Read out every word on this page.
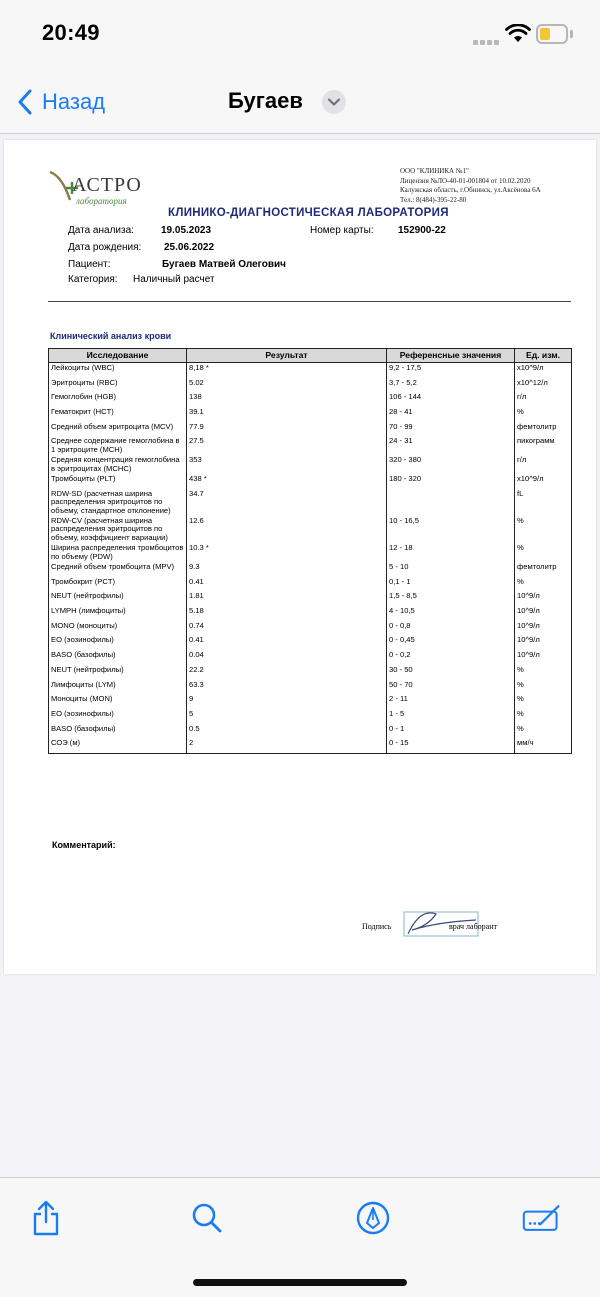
20:49
Назад	Бугаев
АСТРО
лаборатория
ООО "КЛИНИКА №1"
Лицензия №ЛО-40-01-001804 от 10.02.2020
Калужская область, г.Обнинск, ул.Аксёнова 6А
Тел.: 8(484)-395-22-80
КЛИНИКО-ДИАГНОСТИЧЕСКАЯ ЛАБОРАТОРИЯ
Дата анализа:	19.05.2023	Номер карты: 152900-22
Дата рождения: 25.06.2022
Пациент:	Бугаев Матвей Олегович
Категория: Наличный расчет
Клинический анализ крови
Исследование	Результат	Референсные значения	Ед. изм.
Лейкоциты (WBC)	8,18 *	9,2 - 17,5	x10^9/л
Эритроциты (RBC)	5.02	3,7 - 5,2	x10^12/л
Гемоглобин (HGB)	138	106 - 144	г/л
Гематокрит (HCT)	39.1	28 - 41	%
Средний объем эритроцита (MCV)	77.9	70 - 99	фемтолитр
Среднее содержание гемоглобина в 1 эритроците (MCH)	27.5	24 - 31	пикограмм
Средняя концентрация гемоглобина в эритроцитах (MCHC)	353	320 - 380	г/л
Тромбоциты (PLT)	438 *	180 - 320	x10^9/л
RDW-SD (расчетная ширина распределения эритроцитов по объему, стандартное отклонение)	34.7		fL
RDW-CV (расчетная ширина распределения эритроцитов по объему, коэффициент вариации)	12.6	10 - 16,5	%
Ширина распределения тромбоцитов по объему (PDW)	10.3 *	12 - 18	%
Средний объем тромбоцита (MPV)	9.3	5 - 10	фемтолитр
Тромбокрит (PCT)	0.41	0,1 - 1	%
NEUT (нейтрофилы)	1.81	1,5 - 8,5	10^9/л
LYMPH (лимфоциты)	5.18	4 - 10,5	10^9/л
MONO (моноциты)	0.74	0 - 0,8	10^9/л
EO (эозинофилы)	0.41	0 - 0,45	10^9/л
BASO (базофилы)	0.04	0 - 0,2	10^9/л
NEUT (нейтрофилы)	22.2	30 - 50	%
Лимфоциты (LYM)	63.3	50 - 70	%
Моноциты (MON)	9	2 - 11	%
EO (эозинофилы)	5	1 - 5	%
BASO (базофилы)	0.5	0 - 1	%
СОЭ (м)	2	0 - 15	мм/ч
Комментарий:
Подпись	врач лаборант
